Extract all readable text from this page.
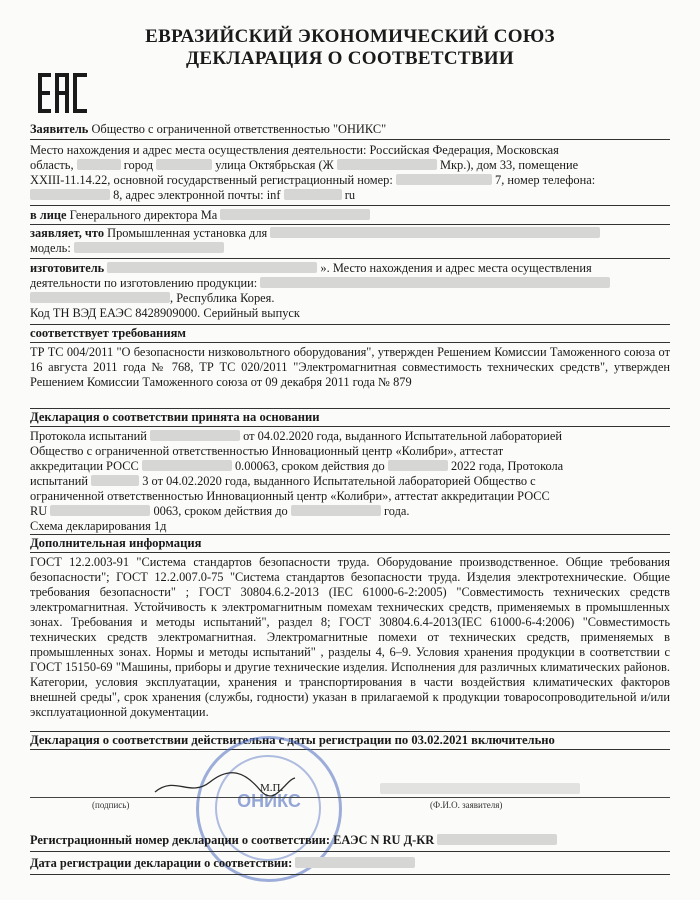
ЕВРАЗИЙСКИЙ ЭКОНОМИЧЕСКИЙ СОЮЗ
ДЕКЛАРАЦИЯ О СООТВЕТСТВИИ
Заявитель Общество с ограниченной ответственностью "ОНИКС"
Место нахождения и адрес места осуществления деятельности: Российская Федерация, Московская
область,	город	улица Октябрьская (Ж	Мкр.), дом 33, помещение
XXIII-11.14.22, основной государственный регистрационный номер:	7, номер телефона:
8, адрес электронной почты: inf	ru
в лице Генерального директора Ма
заявляет, что Промышленная установка для
модель:
изготовитель	». Место нахождения и адрес места осуществления
деятельности по изготовлению продукции:
, Республика Корея.
Код ТН ВЭД ЕАЭС 8428909000. Серийный выпуск
соответствует требованиям
ТР ТС 004/2011 "О безопасности низковольтного оборудования", утвержден Решением Комиссии Таможенного союза от 16 августа 2011 года № 768, ТР ТС 020/2011 "Электромагнитная совместимость технических средств", утвержден Решением Комиссии Таможенного союза от 09 декабря 2011 года № 879
Декларация о соответствии принята на основании
Протокола испытаний	от 04.02.2020 года, выданного Испытательной лабораторией
Общество с ограниченной ответственностью Инновационный центр «Колибри», аттестат
аккредитации РОСС	0.00063, сроком действия до	2022 года, Протокола
испытаний	3 от 04.02.2020 года, выданного Испытательной лабораторией Общество с
ограниченной ответственностью Инновационный центр «Колибри», аттестат аккредитации РОСС
RU	0063, сроком действия до	года.
Схема декларирования 1д
Дополнительная информация
ГОСТ 12.2.003-91 "Система стандартов безопасности труда. Оборудование производственное. Общие требования безопасности"; ГОСТ 12.2.007.0-75 "Система стандартов безопасности труда. Изделия электротехнические. Общие требования безопасности" ; ГОСТ 30804.6.2-2013 (IEC 61000-6-2:2005) "Совместимость технических средств электромагнитная. Устойчивость к электромагнитным помехам технических средств, применяемых в промышленных зонах. Требования и методы испытаний", раздел 8; ГОСТ 30804.6.4-2013(IEC 61000-6-4:2006) "Совместимость технических средств электромагнитная. Электромагнитные помехи от технических средств, применяемых в промышленных зонах. Нормы и методы испытаний" , разделы 4, 6–9. Условия хранения продукции в соответствии с ГОСТ 15150-69 "Машины, приборы и другие технические изделия. Исполнения для различных климатических районов. Категории, условия эксплуатации, хранения и транспортирования в части воздействия климатических факторов внешней среды", срок хранения (службы, годности) указан в прилагаемой к продукции товаросопроводительной и/или эксплуатационной документации.
Декларация о соответствии действительна с даты регистрации по 03.02.2021 включительно
ОНИКС
М.П.
(подпись)	(Ф.И.О. заявителя)
Регистрационный номер декларации о соответствии: ЕАЭС N RU Д-КR
Дата регистрации декларации о соответствии:
